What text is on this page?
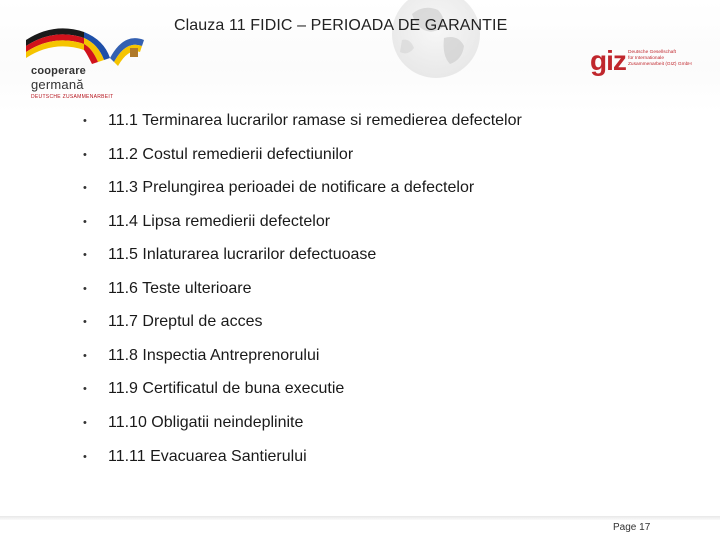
Clauza 11 FIDIC – PERIOADA DE GARANTIE
cooperare
germană
DEUTSCHE ZUSAMMENARBEIT
giz Deutsche Gesellschaft
für Internationale
Zusammenarbeit (GIZ) GmbH
• 11.1 Terminarea lucrarilor ramase si remedierea defectelor
• 11.2 Costul remedierii defectiunilor
• 11.3 Prelungirea perioadei de notificare a defectelor
• 11.4 Lipsa remedierii defectelor
• 11.5 Inlaturarea lucrarilor defectuoase
• 11.6 Teste ulterioare
• 11.7 Dreptul de acces
• 11.8 Inspectia Antreprenorului
• 11.9 Certificatul de buna executie
• 11.10 Obligatii neindeplinite
• 11.11 Evacuarea Santierului
Page 17
